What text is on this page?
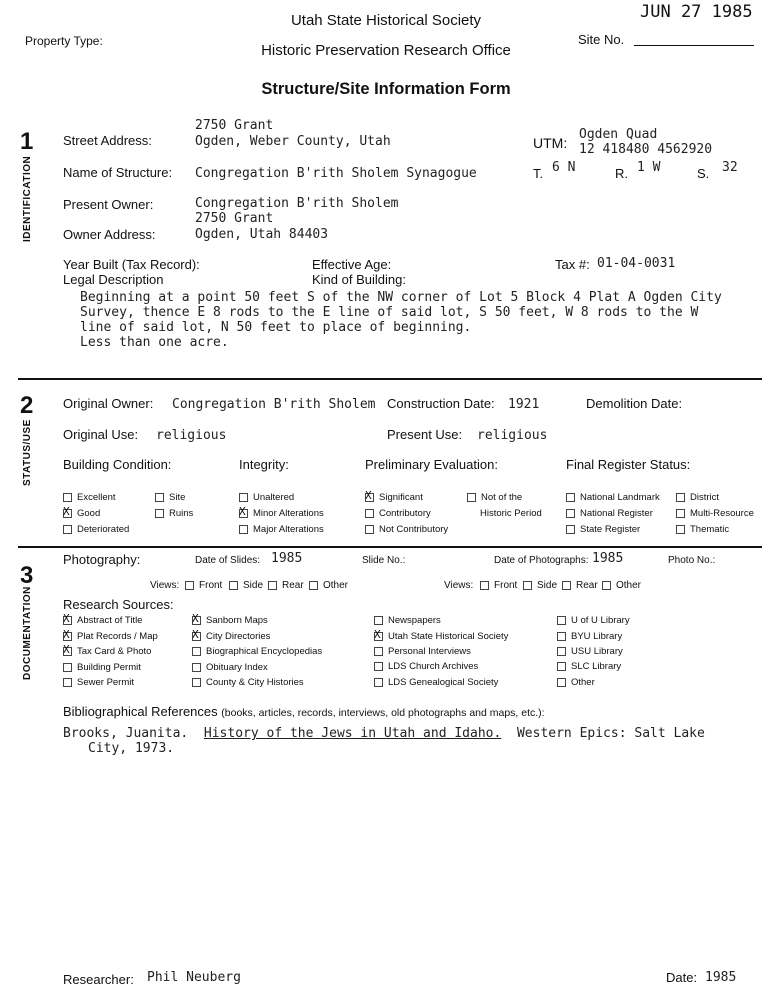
JUN 27 1985
Utah State Historical Society
Property Type:	Site No.
Historic Preservation Research Office
Structure/Site Information Form
1
IDENTIFICATION
2750 Grant
Street Address:	Ogden, Weber County, Utah	UTM:
Ogden Quad
12 418480 4562920
Name of Structure: Congregation B'rith Sholem Synagogue	T. 6 N	R. 1 W	S. 32
Present Owner:	Congregation B'rith Sholem
2750 Grant
Owner Address:	Ogden, Utah 84403
Year Built (Tax Record):	Effective Age:	Tax #: 01-04-0031
Legal Description	Kind of Building:
Beginning at a point 50 feet S of the NW corner of Lot 5 Block 4 Plat A Ogden City
Survey, thence E 8 rods to the E line of said lot, S 50 feet, W 8 rods to the W
line of said lot, N 50 feet to place of beginning.
Less than one acre.
2
STATUS/USE
Original Owner: Congregation B'rith Sholem Construction Date: 1921	Demolition Date:
Original Use: religious	Present Use: religious
Building Condition:	Integrity:	Preliminary Evaluation:	Final Register Status:
Excellent
XGood
Deteriorated
Site
Ruins
Unaltered
XMinor Alterations
Major Alterations
XSignificant
Contributory
Not Contributory
Not of the
Historic Period
National Landmark
National Register
State Register
District
Multi-Resource
Thematic
3
DOCUMENTATION
Photography:	Date of Slides: 1985	Slide No.:	Date of Photographs: 1985	Photo No.:
Views:	Front	Side	Rear	Other	Views:	Front	Side	Rear	Other
Research Sources:
XAbstract of Title
XPlat Records / Map
XTax Card & Photo
Building Permit
Sewer Permit
XSanborn Maps
XCity Directories
Biographical Encyclopedias
Obituary Index
County & City Histories
Newspapers
XUtah State Historical Society
Personal Interviews
LDS Church Archives
LDS Genealogical Society
U of U Library
BYU Library
USU Library
SLC Library
Other
Bibliographical References (books, articles, records, interviews, old photographs and maps, etc.):
Brooks, Juanita. History of the Jews in Utah and Idaho. Western Epics: Salt Lake
City, 1973.
Researcher: Phil Neuberg	Date: 1985
